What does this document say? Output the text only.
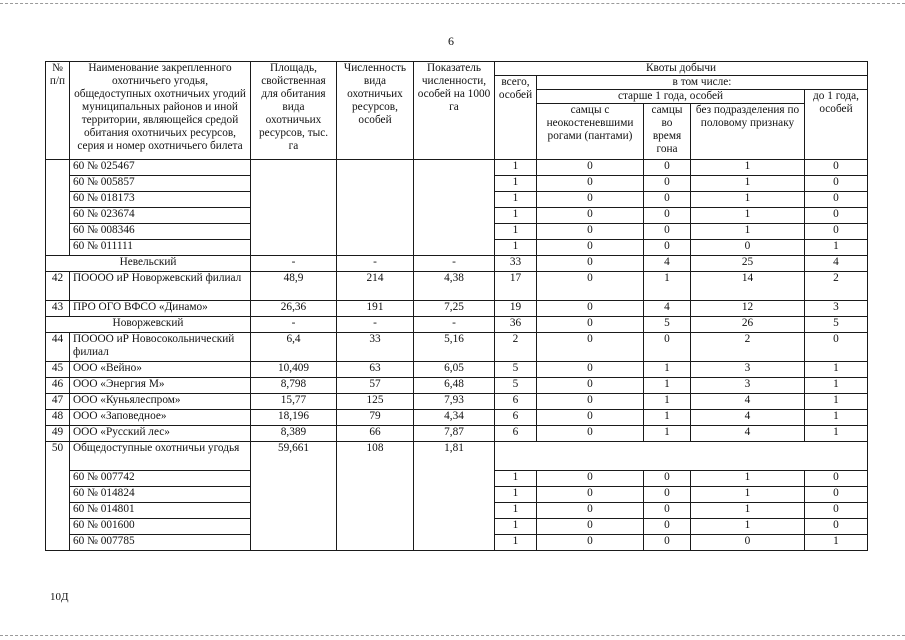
6
№ п/п	Наименование закрепленного охотничьего угодья, общедоступных охотничьих угодий муниципальных районов и иной территории, являющейся средой обитания охотничьих ресурсов, серия и номер охотничьего билета	Площадь, свойственная для обитания вида охотничьих ресурсов, тыс. га	Численность вида охотничьих ресурсов, особей	Показатель численности, особей на 1000 га	Квоты добычи				
					всего, особей	в том числе:			
						старше 1 года, особей			до 1 года, особей
						самцы с неокостеневшими рогами (пантами)	самцы во время гона	без подразделения по половому признаку	
	60 № 025467				1	0	0	1	0
	60 № 005857				1	0	0	1	0
	60 № 018173				1	0	0	1	0
	60 № 023674				1	0	0	1	0
	60 № 008346				1	0	0	1	0
	60 № 011111				1	0	0	0	1
Невельский		-	-	-	33	0	4	25	4
42	ПОООО иР Новоржевский филиал	48,9	214	4,38	17	0	1	14	2
43	ПРО ОГО ВФСО «Динамо»	26,36	191	7,25	19	0	4	12	3
Новоржевский		-	-	-	36	0	5	26	5
44	ПОООО иР Новосокольнический филиал	6,4	33	5,16	2	0	0	2	0
45	ООО «Вейно»	10,409	63	6,05	5	0	1	3	1
46	ООО «Энергия М»	8,798	57	6,48	5	0	1	3	1
47	ООО «Куньялеспром»	15,77	125	7,93	6	0	1	4	1
48	ООО «Заповедное»	18,196	79	4,34	6	0	1	4	1
49	ООО «Русский лес»	8,389	66	7,87	6	0	1	4	1
50	Общедоступные охотничьи угодья	59,661	108	1,81					
	60 № 007742				1	0	0	1	0
	60 № 014824				1	0	0	1	0
	60 № 014801				1	0	0	1	0
	60 № 001600				1	0	0	1	0
	60 № 007785				1	0	0	0	1
10Д
